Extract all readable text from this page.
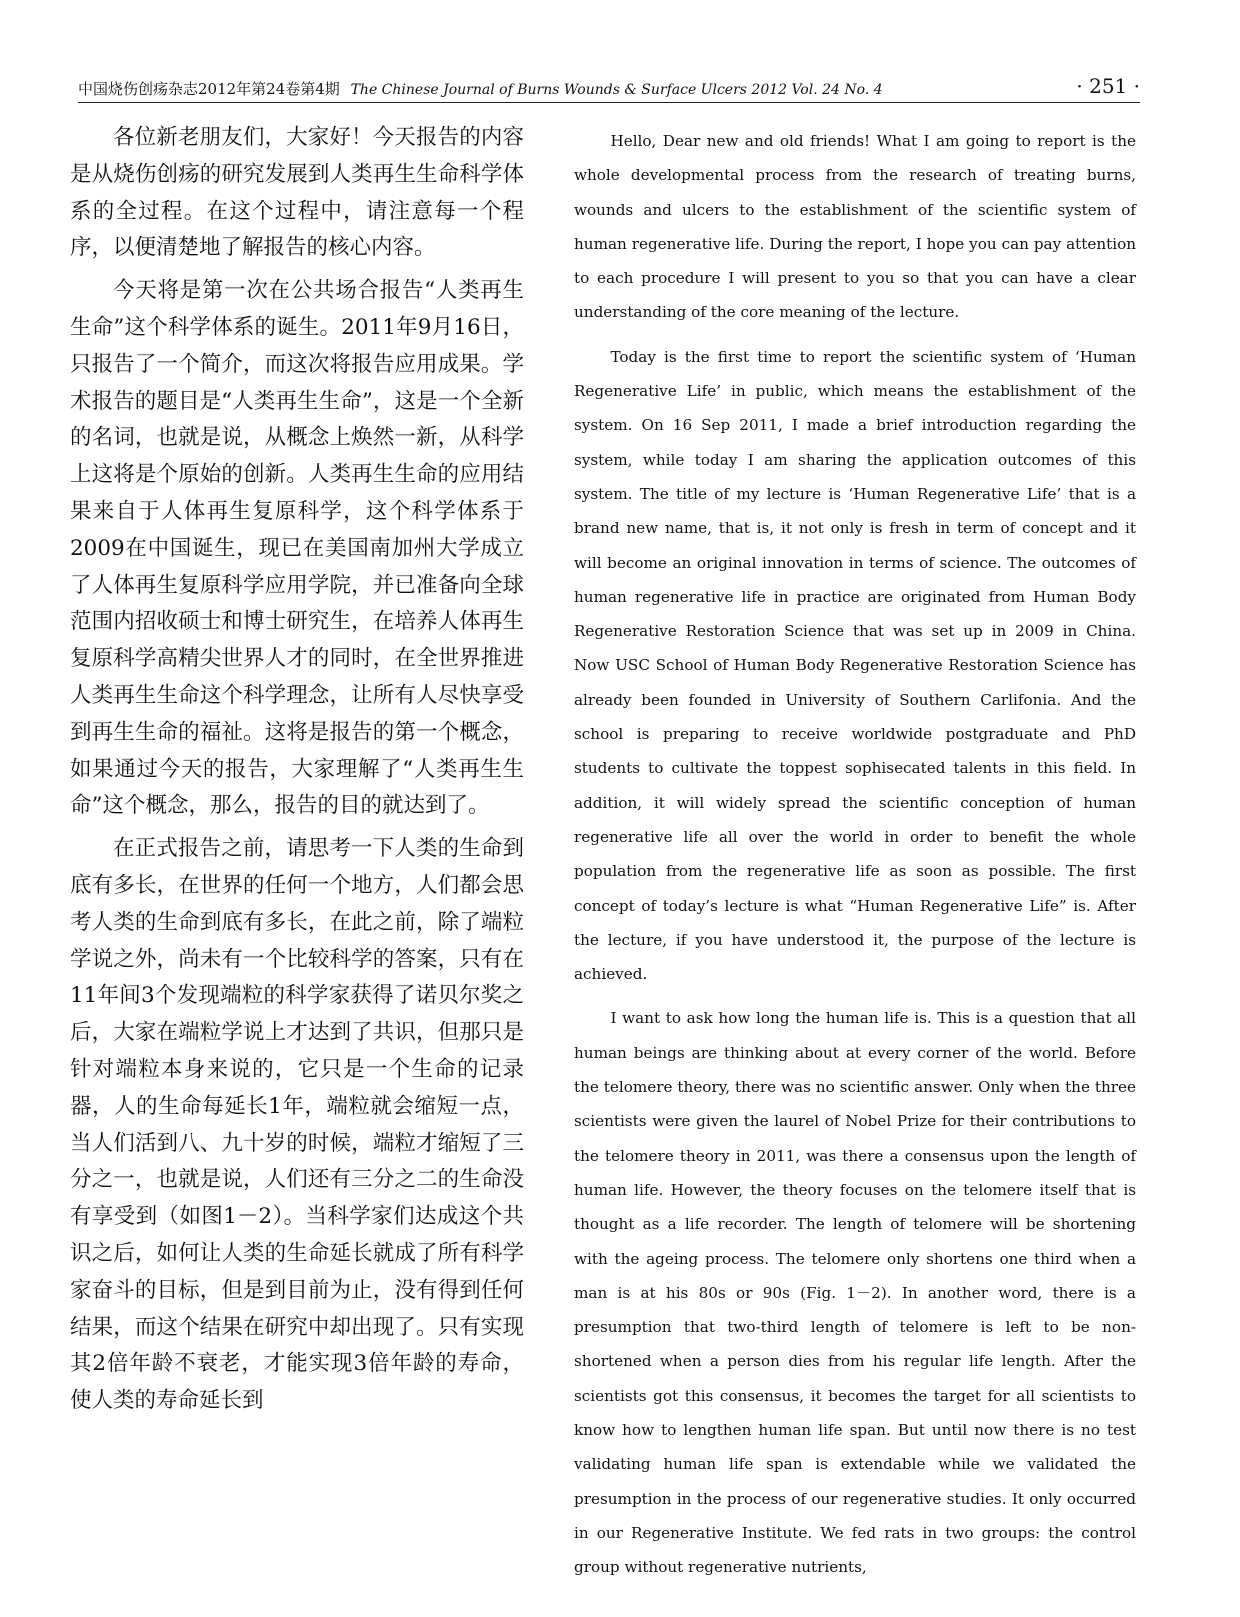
中国烧伤创疡杂志2012年第24卷第4期 The Chinese Journal of Burns Wounds & Surface Ulcers 2012 Vol. 24 No. 4	· 251 ·

各位新老朋友们，大家好！今天报告的内容是从烧伤创疡的研究发展到人类再生生命科学体系的全过程。在这个过程中，请注意每一个程序，以便清楚地了解报告的核心内容。

今天将是第一次在公共场合报告“人类再生生命”这个科学体系的诞生。2011年9月16日，只报告了一个简介，而这次将报告应用成果。学术报告的题目是“人类再生生命”，这是一个全新的名词，也就是说，从概念上焕然一新，从科学上这将是个原始的创新。人类再生生命的应用结果来自于人体再生复原科学，这个科学体系于2009在中国诞生，现已在美国南加州大学成立了人体再生复原科学应用学院，并已准备向全球范围内招收硕士和博士研究生，在培养人体再生复原科学高精尖世界人才的同时，在全世界推进人类再生生命这个科学理念，让所有人尽快享受到再生生命的福祉。这将是报告的第一个概念，如果通过今天的报告，大家理解了“人类再生生命”这个概念，那么，报告的目的就达到了。

在正式报告之前，请思考一下人类的生命到底有多长，在世界的任何一个地方，人们都会思考人类的生命到底有多长，在此之前，除了端粒学说之外，尚未有一个比较科学的答案，只有在11年间3个发现端粒的科学家获得了诺贝尔奖之后，大家在端粒学说上才达到了共识，但那只是针对端粒本身来说的，它只是一个生命的记录器，人的生命每延长1年，端粒就会缩短一点，当人们活到八、九十岁的时候，端粒才缩短了三分之一，也就是说，人们还有三分之二的生命没有享受到（如图1－2）。当科学家们达成这个共识之后，如何让人类的生命延长就成了所有科学家奋斗的目标，但是到目前为止，没有得到任何结果，而这个结果在研究中却出现了。只有实现其2倍年龄不衰老，才能实现3倍年龄的寿命，使人类的寿命延长到

Hello, Dear new and old friends! What I am going to report is the whole developmental process from the research of treating burns, wounds and ulcers to the establishment of the scientific system of human regenerative life. During the report, I hope you can pay attention to each procedure I will present to you so that you can have a clear understanding of the core meaning of the lecture.

Today is the first time to report the scientific system of ‘Human Regenerative Life’ in public, which means the establishment of the system. On 16 Sep 2011, I made a brief introduction regarding the system, while today I am sharing the application outcomes of this system. The title of my lecture is ‘Human Regenerative Life’ that is a brand new name, that is, it not only is fresh in term of concept and it will become an original innovation in terms of science. The outcomes of human regenerative life in practice are originated from Human Body Regenerative Restoration Science that was set up in 2009 in China. Now USC School of Human Body Regenerative Restoration Science has already been founded in University of Southern Carlifonia. And the school is preparing to receive worldwide postgraduate and PhD students to cultivate the toppest sophisecated talents in this field. In addition, it will widely spread the scientific conception of human regenerative life all over the world in order to benefit the whole population from the regenerative life as soon as possible. The first concept of today’s lecture is what “Human Regenerative Life” is. After the lecture, if you have understood it, the purpose of the lecture is achieved.

I want to ask how long the human life is. This is a question that all human beings are thinking about at every corner of the world. Before the telomere theory, there was no scientific answer. Only when the three scientists were given the laurel of Nobel Prize for their contributions to the telomere theory in 2011, was there a consensus upon the length of human life. However, the theory focuses on the telomere itself that is thought as a life recorder. The length of telomere will be shortening with the ageing process. The telomere only shortens one third when a man is at his 80s or 90s (Fig. 1－2). In another word, there is a presumption that two-third length of telomere is left to be non-shortened when a person dies from his regular life length. After the scientists got this consensus, it becomes the target for all scientists to know how to lengthen human life span. But until now there is no test validating human life span is extendable while we validated the presumption in the process of our regenerative studies. It only occurred in our Regenerative Institute. We fed rats in two groups: the control group without regenerative nutrients,
